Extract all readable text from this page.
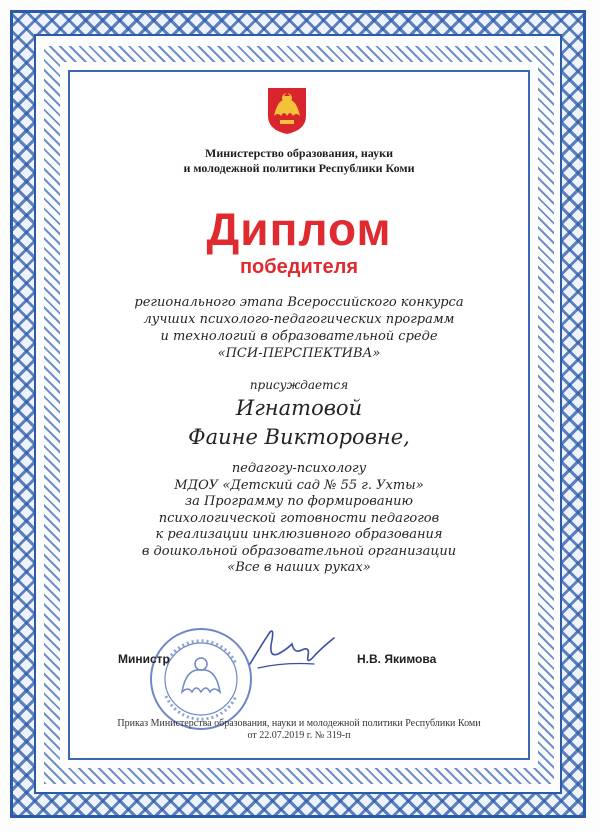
Министерство образования, науки
и молодежной политики Республики Коми
Диплом
победителя
регионального этапа Всероссийского конкурса
лучших психолого-педагогических программ
и технологий в образовательной среде
«ПСИ-ПЕРСПЕКТИВА»
присуждается
Игнатовой
Фаине Викторовне,
педагогу-психологу
МДОУ «Детский сад № 55 г. Ухты»
за Программу по формированию
психологической готовности педагогов
к реализации инклюзивного образования
в дошкольной образовательной организации
«Все в наших руках»
Министр	Н.В. Якимова
Приказ Министерства образования, науки и молодежной политики Республики Коми
от 22.07.2019 г. № 319-п
